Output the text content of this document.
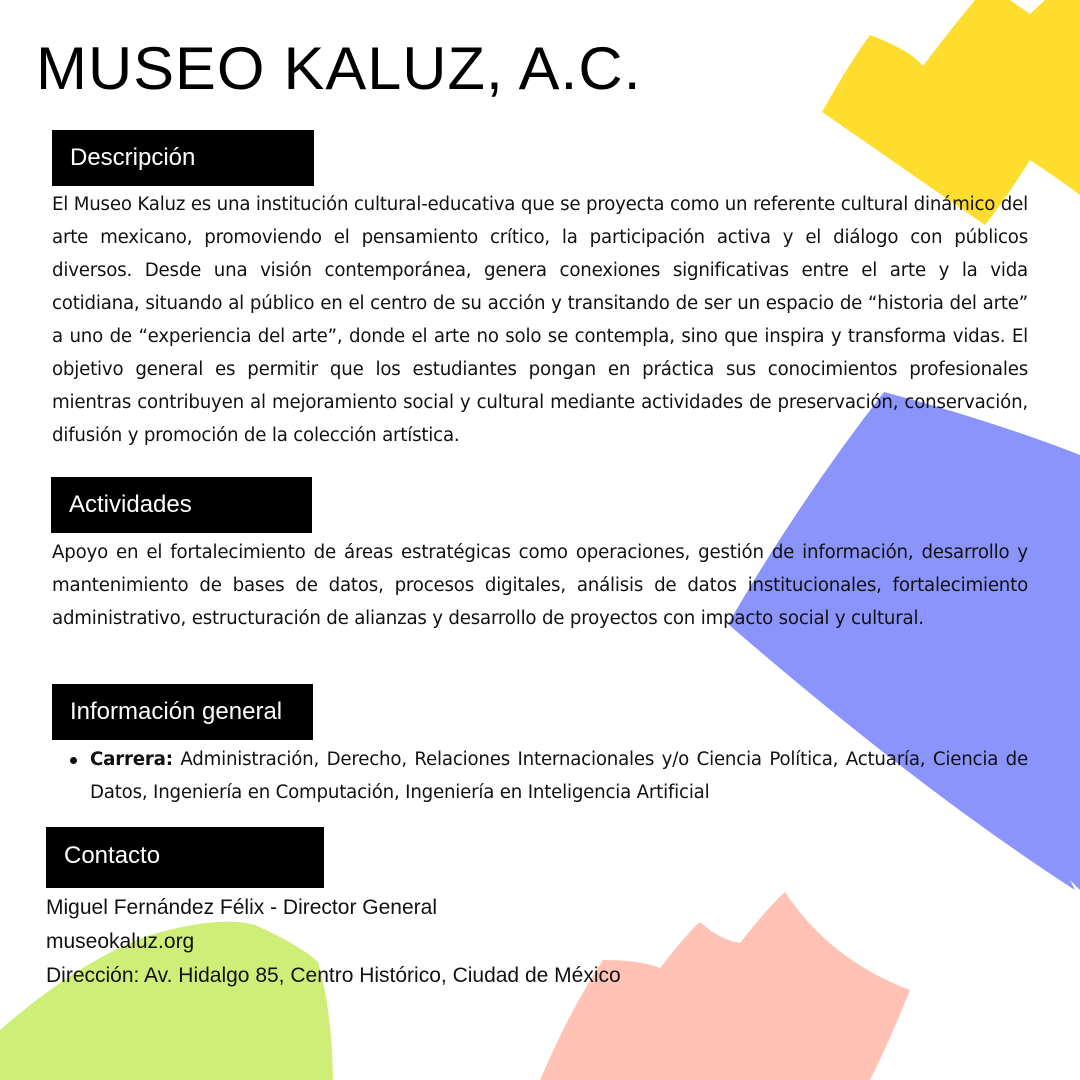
MUSEO KALUZ, A.C.
Descripción
El Museo Kaluz es una institución cultural-educativa que se proyecta como un referente cultural dinámico del arte mexicano, promoviendo el pensamiento crítico, la participación activa y el diálogo con públicos diversos. Desde una visión contemporánea, genera conexiones significativas entre el arte y la vida cotidiana, situando al público en el centro de su acción y transitando de ser un espacio de “historia del arte” a uno de “experiencia del arte”, donde el arte no solo se contempla, sino que inspira y transforma vidas. El objetivo general es permitir que los estudiantes pongan en práctica sus conocimientos profesionales mientras contribuyen al mejoramiento social y cultural mediante actividades de preservación, conservación, difusión y promoción de la colección artística.
Actividades
Apoyo en el fortalecimiento de áreas estratégicas como operaciones, gestión de información, desarrollo y mantenimiento de bases de datos, procesos digitales, análisis de datos institucionales, fortalecimiento administrativo, estructuración de alianzas y desarrollo de proyectos con impacto social y cultural.
Información general
Carrera: Administración, Derecho, Relaciones Internacionales y/o Ciencia Política, Actuaría, Ciencia de Datos, Ingeniería en Computación, Ingeniería en Inteligencia Artificial
Contacto
Miguel Fernández Félix - Director General
museokaluz.org
Dirección: Av. Hidalgo 85, Centro Histórico, Ciudad de México
